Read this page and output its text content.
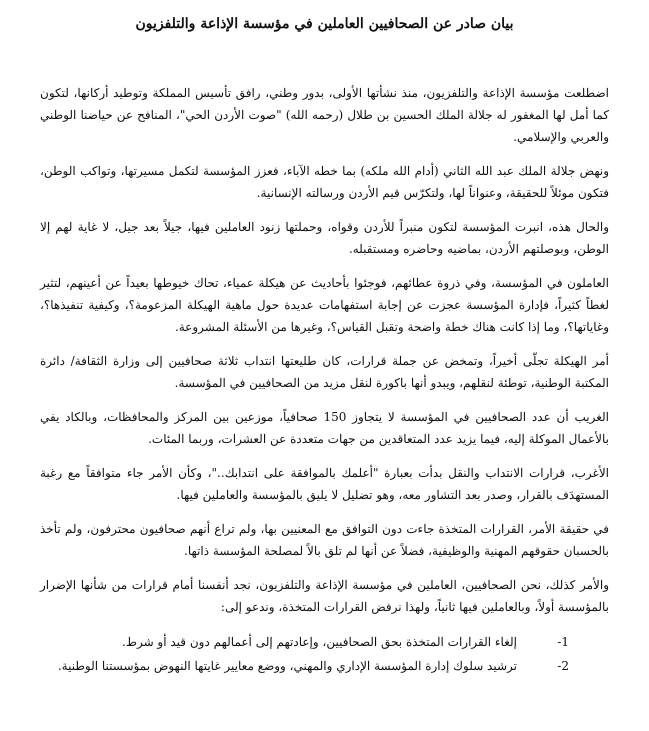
بيان صادر عن الصحافيين العاملين في مؤسسة الإذاعة والتلفزيون

اضطلعت مؤسسة الإذاعة والتلفزيون، منذ نشأتها الأولى، بدور وطني، رافق تأسيس المملكة وتوطيد أركانها، لتكون كما أمل لها المغفور له جلالة الملك الحسين بن طلال (رحمه الله) "صوت الأردن الحي"، المنافح عن حياضنا الوطني والعربي والإسلامي.

ونهض جلالة الملك عبد الله الثاني (أدام الله ملكه) بما خطه الآباء، فعزز المؤسسة لتكمل مسيرتها، وتواكب الوطن، فتكون موئلاً للحقيقة، وعنواناً لها، ولتكرّس قيم الأردن ورسالته الإنسانية.

والحال هذه، انبرت المؤسسة لتكون منبراً للأردن وقواه، وحملتها زنود العاملين فيها، جيلاً بعد جيل، لا غاية لهم إلا الوطن، وبوصلتهم الأردن، بماضيه وحاضره ومستقبله.

العاملون في المؤسسة، وفي ذروة عطائهم، فوجئوا بأحاديث عن هيكلة عمياء، تحاك خيوطها بعيداً عن أعينهم، لتثير لغطاً كثيراً، فإدارة المؤسسة عجزت عن إجابة استفهامات عديدة حول ماهية الهيكلة المزعومة؟، وكيفية تنفيذها؟، وغاياتها؟، وما إذا كانت هناك خطة واضحة وتقبل القياس؟، وغيرها من الأسئلة المشروعة.

أمر الهيكلة تجلّى أخيراً، وتمخض عن جملة قرارات، كان طليعتها انتداب ثلاثة صحافيين إلى وزارة الثقافة/ دائرة المكتبة الوطنية، توطئة لنقلهم، ويبدو أنها باكورة لنقل مزيد من الصحافيين في المؤسسة.

الغريب أن عدد الصحافيين في المؤسسة لا يتجاوز 150 صحافياً، موزعين بين المركز والمحافظات، وبالكاد يفي بالأعمال الموكلة إليه، فيما يزيد عدد المتعاقدين من جهات متعددة عن العشرات، وربما المئات.

الأغرب، قرارات الانتداب والنقل بدأت بعبارة "أعلمك بالموافقة على انتدابك.."، وكأن الأمر جاء متوافقاً مع رغبة المستهدَف بالقرار، وصدر بعد التشاور معه، وهو تضليل لا يليق بالمؤسسة والعاملين فيها.

في حقيقة الأمر، القرارات المتخذة جاءت دون التوافق مع المعنيين بها، ولم تراع أنهم صحافيون محترفون، ولم تأخذ بالحسبان حقوقهم المهنية والوظيفية، فضلاً عن أنها لم تلق بالاً لمصلحة المؤسسة ذاتها.

والأمر كذلك، نحن الصحافيين، العاملين في مؤسسة الإذاعة والتلفزيون، نجد أنفسنا أمام قرارات من شأنها الإضرار بالمؤسسة أولاً، وبالعاملين فيها ثانياً، ولهذا نرفض القرارات المتخذة، وندعو إلى:

1-
إلغاء القرارات المتخذة بحق الصحافيين، وإعادتهم إلى أعمالهم دون قيد أو شرط.
2-
ترشيد سلوك إدارة المؤسسة الإداري والمهني، ووضع معايير غايتها النهوض بمؤسستنا الوطنية.
